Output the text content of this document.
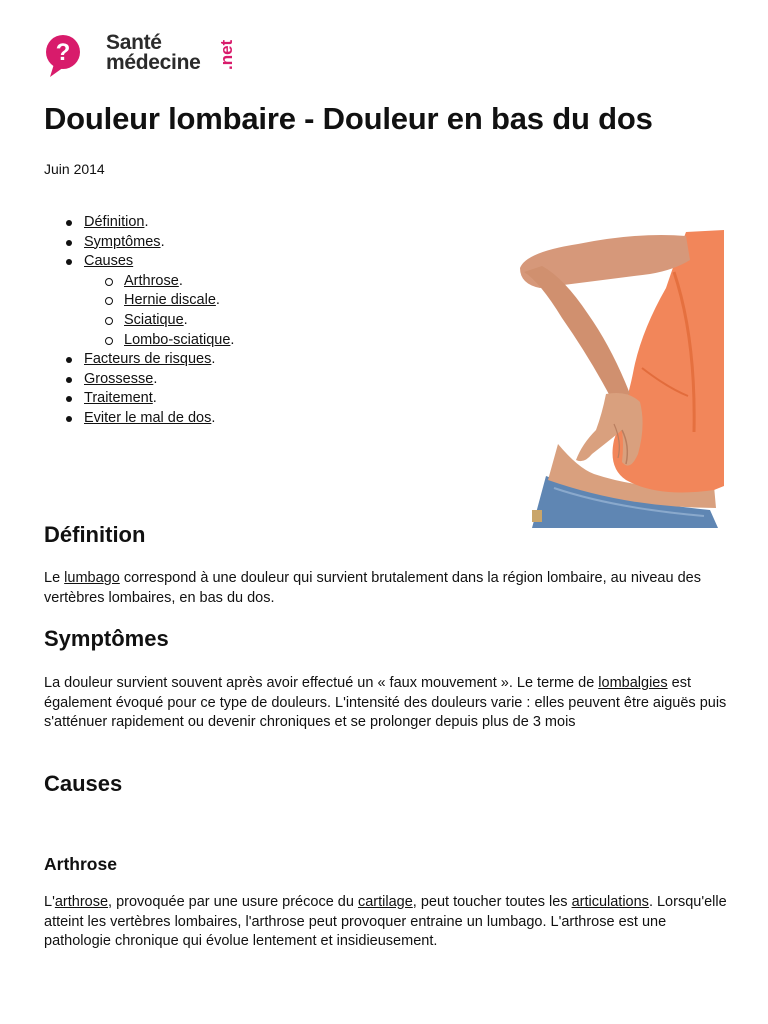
? Santé
médecine .net
Douleur lombaire - Douleur en bas du dos
Juin 2014
Définition.
Symptômes.
Causes
Arthrose.
Hernie discale.
Sciatique.
Lombo-sciatique.
Facteurs de risques.
Grossesse.
Traitement.
Eviter le mal de dos.
Définition

Le lumbago correspond à une douleur qui survient brutalement dans la région lombaire, au niveau des vertèbres lombaires, en bas du dos.

Symptômes

La douleur survient souvent après avoir effectué un « faux mouvement ». Le terme de lombalgies est également évoqué pour ce type de douleurs. L'intensité des douleurs varie : elles peuvent être aiguës puis s'atténuer rapidement ou devenir chroniques et se prolonger depuis plus de 3 mois

Causes
Arthrose

L'arthrose, provoquée par une usure précoce du cartilage, peut toucher toutes les articulations. Lorsqu'elle atteint les vertèbres lombaires, l'arthrose peut provoquer entraine un lumbago. L'arthrose est une pathologie chronique qui évolue lentement et insidieusement.
